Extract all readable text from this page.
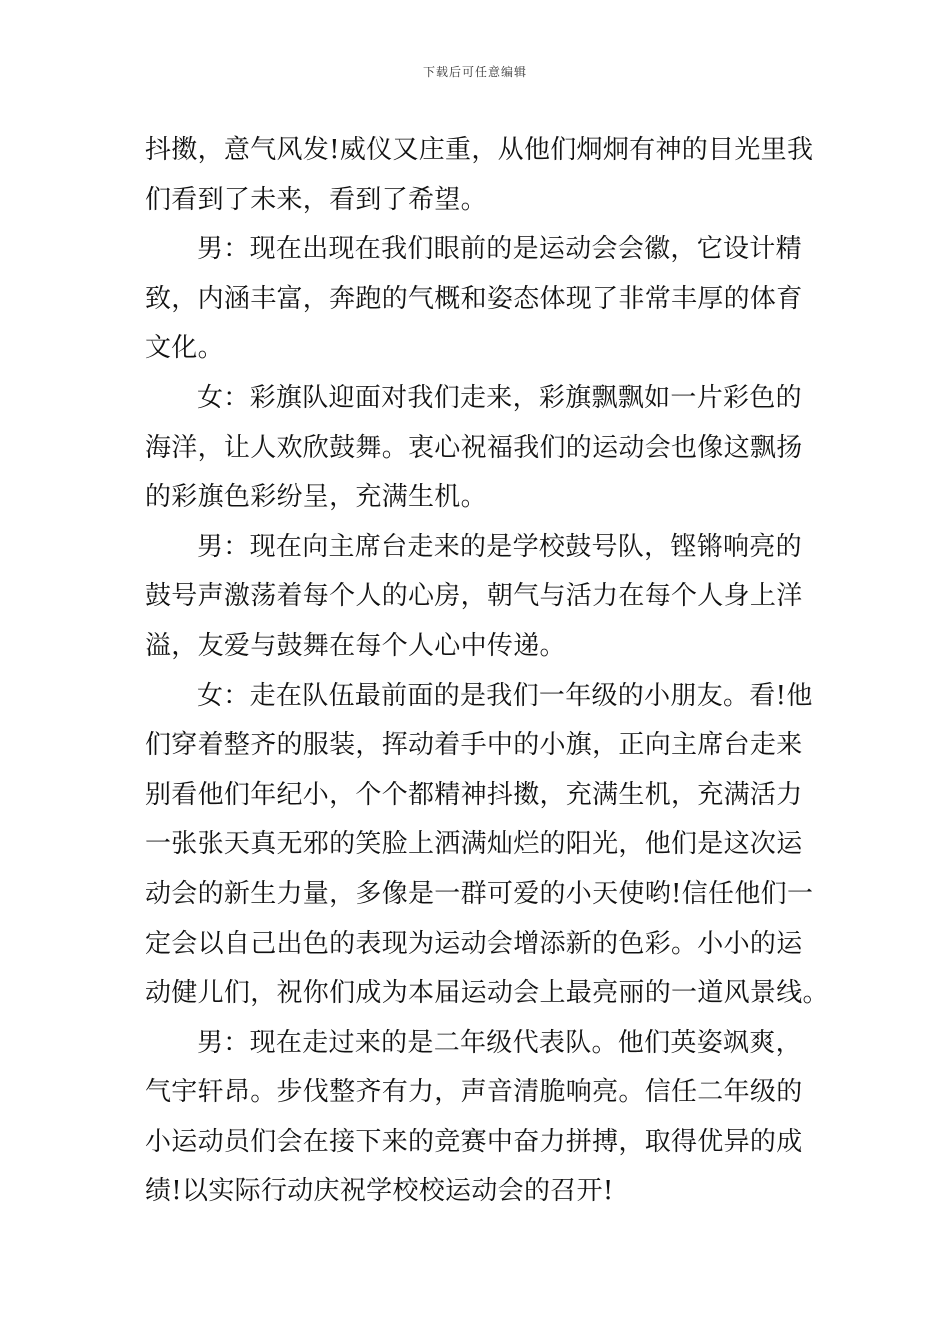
下载后可任意编辑
抖擞，意气风发!威仪又庄重，从他们炯炯有神的目光里我
们看到了未来，看到了希望。
男：现在出现在我们眼前的是运动会会徽，它设计精
致，内涵丰富，奔跑的气概和姿态体现了非常丰厚的体育
文化。
女：彩旗队迎面对我们走来，彩旗飘飘如一片彩色的
海洋，让人欢欣鼓舞。衷心祝福我们的运动会也像这飘扬
的彩旗色彩纷呈，充满生机。
男：现在向主席台走来的是学校鼓号队，铿锵响亮的
鼓号声激荡着每个人的心房，朝气与活力在每个人身上洋
溢，友爱与鼓舞在每个人心中传递。
女：走在队伍最前面的是我们一年级的小朋友。看!他
们穿着整齐的服装，挥动着手中的小旗，正向主席台走来
别看他们年纪小，个个都精神抖擞，充满生机，充满活力
一张张天真无邪的笑脸上洒满灿烂的阳光，他们是这次运
动会的新生力量，多像是一群可爱的小天使哟!信任他们一
定会以自己出色的表现为运动会增添新的色彩。小小的运
动健儿们，祝你们成为本届运动会上最亮丽的一道风景线。
男：现在走过来的是二年级代表队。他们英姿飒爽，
气宇轩昂。步伐整齐有力，声音清脆响亮。信任二年级的
小运动员们会在接下来的竞赛中奋力拼搏，取得优异的成
绩!以实际行动庆祝学校校运动会的召开!
